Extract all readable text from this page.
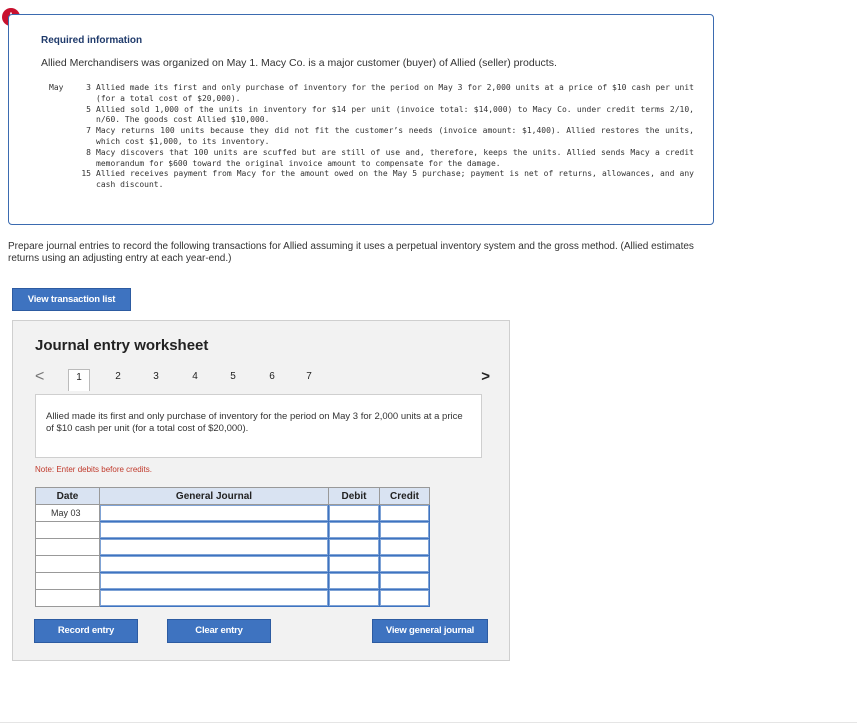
Required information
Allied Merchandisers was organized on May 1. Macy Co. is a major customer (buyer) of Allied (seller) products.
May	3 Allied made its first and only purchase of inventory for the period on May 3 for 2,000 units at a price of $10 cash per unit (for a total cost of $20,000).
5 Allied sold 1,000 of the units in inventory for $14 per unit (invoice total: $14,000) to Macy Co. under credit terms 2/10, n/60. The goods cost Allied $10,000.
7 Macy returns 100 units because they did not fit the customer’s needs (invoice amount: $1,400). Allied restores the units, which cost $1,000, to its inventory.
8 Macy discovers that 100 units are scuffed but are still of use and, therefore, keeps the units. Allied sends Macy a credit memorandum for $600 toward the original invoice amount to compensate for the damage.
15 Allied receives payment from Macy for the amount owed on the May 5 purchase; payment is net of returns, allowances, and any cash discount.
Prepare journal entries to record the following transactions for Allied assuming it uses a perpetual inventory system and the gross method. (Allied estimates returns using an adjusting entry at each year-end.)
View transaction list
Journal entry worksheet
<	1	2	3	4	5	6	7	>
Allied made its first and only purchase of inventory for the period on May 3 for 2,000 units at a price of $10 cash per unit (for a total cost of $20,000).
Note: Enter debits before credits.
Date	General Journal	Debit	Credit
May 03			

Record entry	Clear entry	View general journal
